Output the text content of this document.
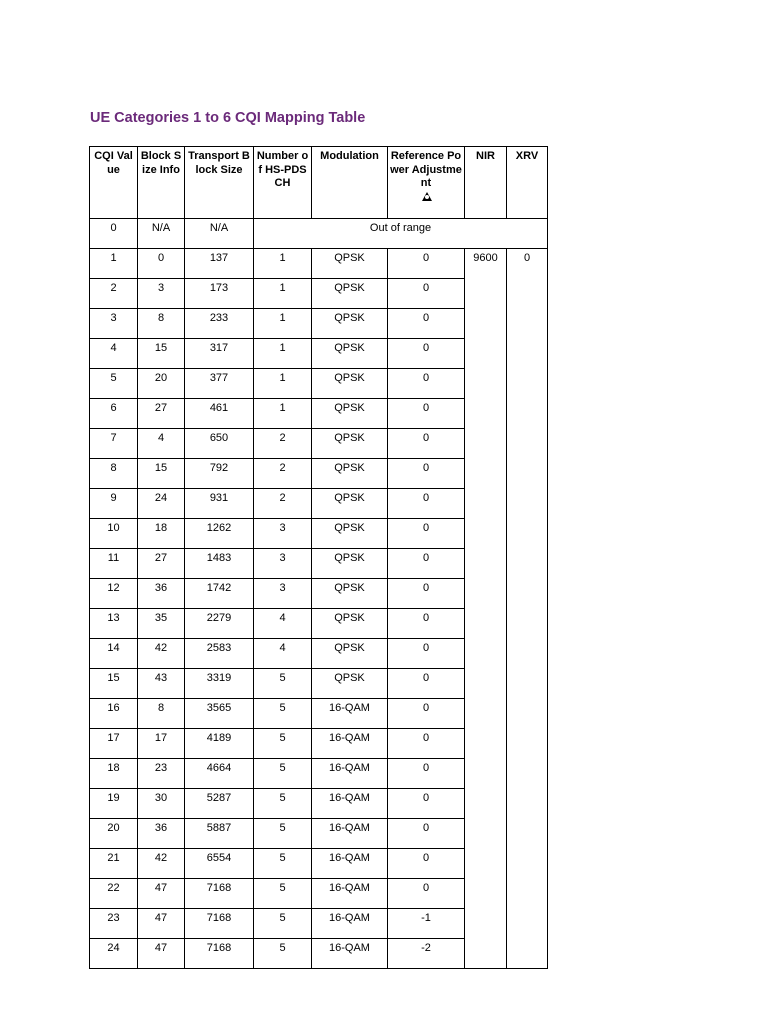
UE Categories 1 to 6 CQI Mapping Table
CQI Value	Block Size Info	Transport Block Size	Number of HS-PDSCH	Modulation	Reference Power Adjustment	NIR	XRV

0	N/A	N/A	Out of range				
1	0	137	1	QPSK	0	9600	0
2	3	173	1	QPSK	0		
3	8	233	1	QPSK	0		
4	15	317	1	QPSK	0		
5	20	377	1	QPSK	0		
6	27	461	1	QPSK	0		
7	4	650	2	QPSK	0		
8	15	792	2	QPSK	0		
9	24	931	2	QPSK	0		
10	18	1262	3	QPSK	0		
11	27	1483	3	QPSK	0		
12	36	1742	3	QPSK	0		
13	35	2279	4	QPSK	0		
14	42	2583	4	QPSK	0		
15	43	3319	5	QPSK	0		
16	8	3565	5	16-QAM	0		
17	17	4189	5	16-QAM	0		
18	23	4664	5	16-QAM	0		
19	30	5287	5	16-QAM	0		
20	36	5887	5	16-QAM	0		
21	42	6554	5	16-QAM	0		
22	47	7168	5	16-QAM	0		
23	47	7168	5	16-QAM	-1		
24	47	7168	5	16-QAM	-2		
